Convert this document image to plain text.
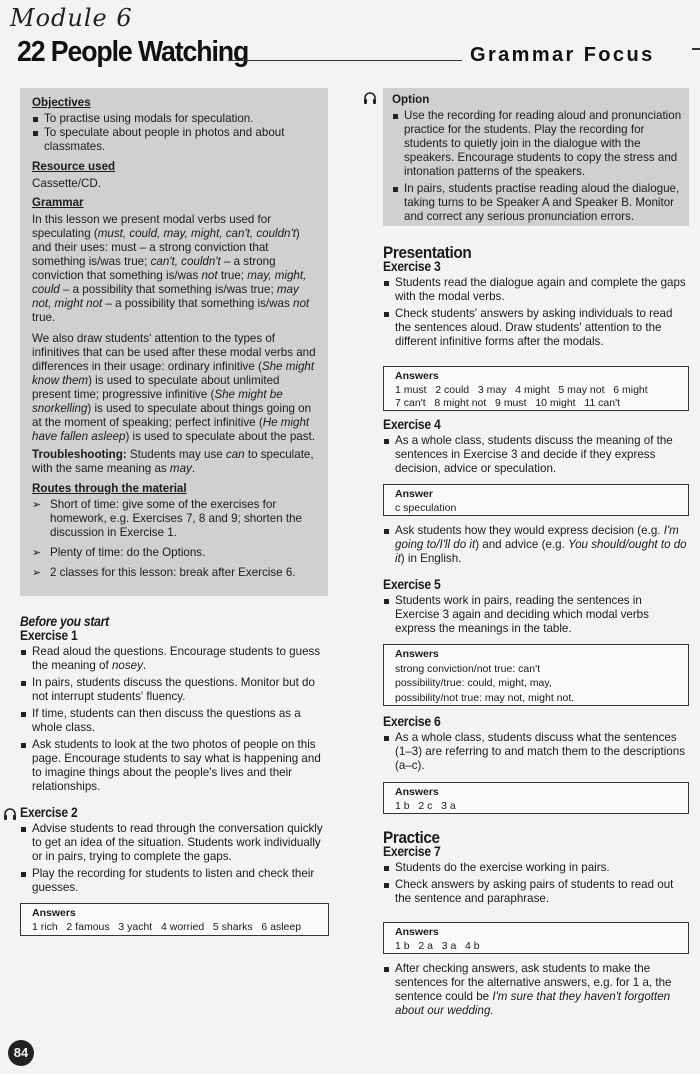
Module 6
22 People Watching	Grammar Focus

Objectives

To practise using modals for speculation.
To speculate about people in photos and about classmates.

Resource used

Cassette/CD.

Grammar

In this lesson we present modal verbs used for speculating (must, could, may, might, can't, couldn't) and their uses: must – a strong conviction that something is/was true; can't, couldn't – a strong conviction that something is/was not true; may, might, could – a possibility that something is/was true; may not, might not – a possibility that something is/was not true.

We also draw students' attention to the types of infinitives that can be used after these modal verbs and differences in their usage: ordinary infinitive (She might know them) is used to speculate about unlimited present time; progressive infinitive (She might be snorkelling) is used to speculate about things going on at the moment of speaking; perfect infinitive (He might have fallen asleep) is used to speculate about the past.

Troubleshooting: Students may use can to speculate, with the same meaning as may.

Routes through the material

➢ Short of time: give some of the exercises for homework, e.g. Exercises 7, 8 and 9; shorten the discussion in Exercise 1.
➢ Plenty of time: do the Options.
➢ 2 classes for this lesson: break after Exercise 6.

Before you start

Exercise 1

Read aloud the questions. Encourage students to guess the meaning of nosey.
In pairs, students discuss the questions. Monitor but do not interrupt students' fluency.
If time, students can then discuss the questions as a whole class.
Ask students to look at the two photos of people on this page. Encourage students to say what is happening and to imagine things about the people's lives and their relationships.

Exercise 2

Advise students to read through the conversation quickly to get an idea of the situation. Students work individually or in pairs, trying to complete the gaps.
Play the recording for students to listen and check their guesses.
Answers
1 rich   2 famous   3 yacht   4 worried   5 sharks   6 asleep

Option

Use the recording for reading aloud and pronunciation practice for the students. Play the recording for students to quietly join in the dialogue with the speakers. Encourage students to copy the stress and intonation patterns of the speakers.
In pairs, students practise reading aloud the dialogue, taking turns to be Speaker A and Speaker B. Monitor and correct any serious pronunciation errors.

Presentation

Exercise 3

Students read the dialogue again and complete the gaps with the modal verbs.
Check students' answers by asking individuals to read the sentences aloud. Draw students' attention to the different infinitive forms after the modals.
Answers
1 must   2 could   3 may   4 might   5 may not   6 might
7 can't   8 might not   9 must   10 might   11 can't

Exercise 4

As a whole class, students discuss the meaning of the sentences in Exercise 3 and decide if they express decision, advice or speculation.
Answer
c speculation
Ask students how they would express decision (e.g. I'm going to/I'll do it) and advice (e.g. You should/ought to do it) in English.

Exercise 5

Students work in pairs, reading the sentences in Exercise 3 again and deciding which modal verbs express the meanings in the table.
Answers
strong conviction/not true: can't
possibility/true: could, might, may,
possibility/not true: may not, might not.

Exercise 6

As a whole class, students discuss what the sentences (1–3) are referring to and match them to the descriptions (a–c).
Answers
1 b   2 c   3 a

Practice

Exercise 7

Students do the exercise working in pairs.
Check answers by asking pairs of students to read out the sentence and paraphrase.
Answers
1 b   2 a   3 a   4 b
After checking answers, ask students to make the sentences for the alternative answers, e.g. for 1 a, the sentence could be I'm sure that they haven't forgotten about our wedding.
84
